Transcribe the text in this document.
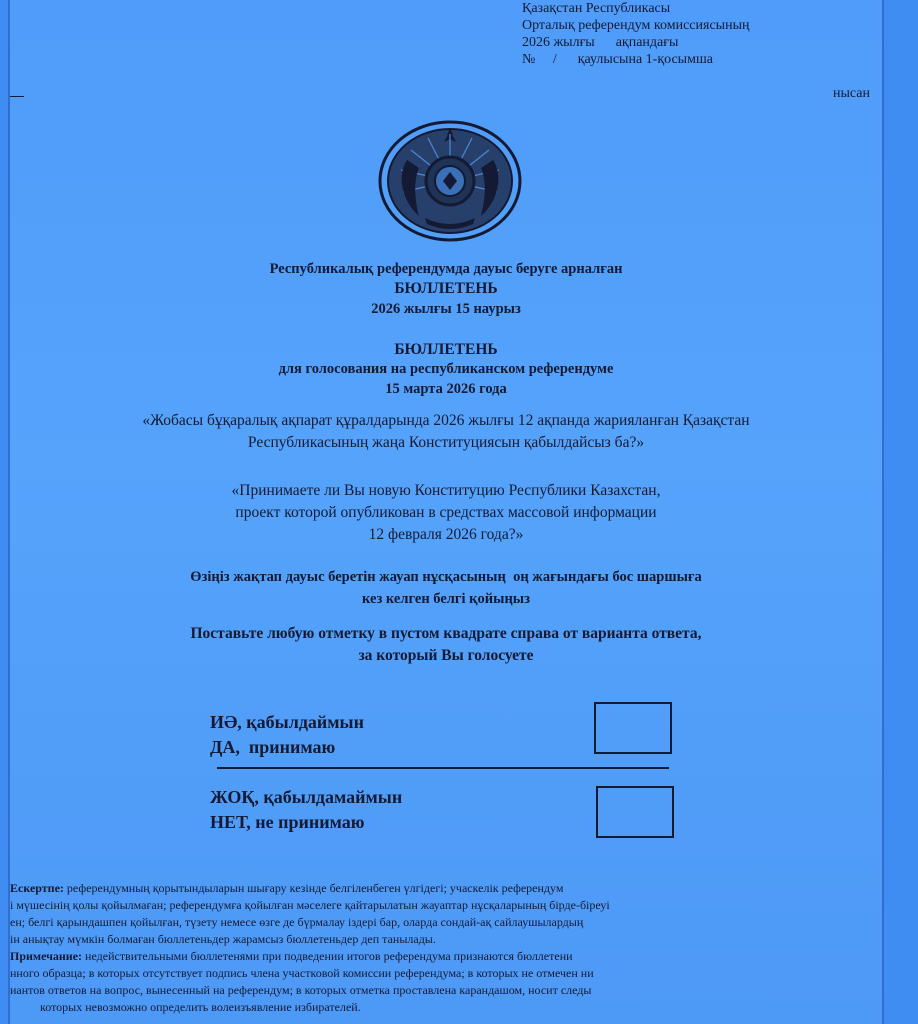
Қазақстан Республикасы
Орталық референдум комиссиясының
2026 жылғы      ақпандағы
№     /      қаулысына 1-қосымша
нысан
Республикалық референдумда дауыс беруге арналған
БЮЛЛЕТЕНЬ
2026 жылғы 15 наурыз
БЮЛЛЕТЕНЬ
для голосования на республиканском референдуме
15 марта 2026 года
«Жобасы бұқаралық ақпарат құралдарында 2026 жылғы 12 ақпанда жарияланған Қазақстан
Республикасының жаңа Конституциясын қабылдайсыз ба?»
«Принимаете ли Вы новую Конституцию Республики Казахстан,
проект которой опубликован в средствах массовой информации
12 февраля 2026 года?»
Өзіңіз жақтап дауыс беретін жауап нұсқасының  оң жағындағы бос шаршыға
кез келген белгі қойыңыз
Поставьте любую отметку в пустом квадрате справа от варианта ответа,
за который Вы голосуете
ИӘ, қабылдаймын
ДА,  принимаю
ЖОҚ, қабылдамаймын
НЕТ, не принимаю

Ескертпе: референдумның қорытындыларын шығару кезінде белгіленбеген үлгідегі; учаскелік референдум

і мүшесінің қолы қойылмаған; референдумға қойылған мәселеге қайтарылатын жауаптар нұсқаларының бірде-біреуі

ен; белгі қарындашпен қойылған, түзету немесе өзге де бүрмалау іздері бар, оларда сондай-ақ сайлаушылардың

ін анықтау мүмкін болмаған бюллетеньдер жарамсыз бюллетеньдер деп танылады.

Примечание: недействительными бюллетенями при подведении итогов референдума признаются бюллетени

нного образца; в которых отсутствует подпись члена участковой комиссии референдума; в которых не отмечен ни

иантов ответов на вопрос, вынесенный на референдум; в которых отметка проставлена карандашом, носит следы

которых невозможно определить волеизъявление избирателей.
